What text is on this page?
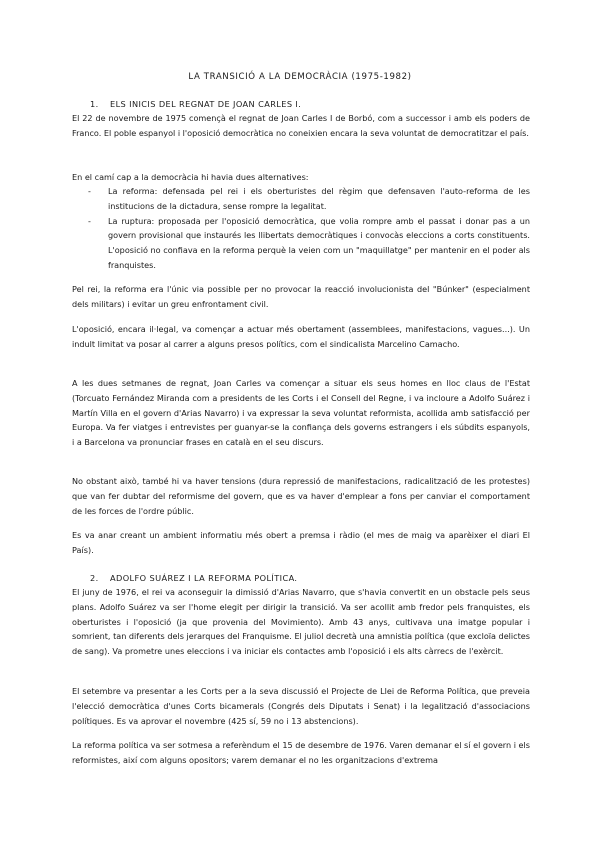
LA TRANSICIÓ A LA DEMOCRÀCIA (1975-1982)
1. ELS INICIS DEL REGNAT DE JOAN CARLES I.

El 22 de novembre de 1975 començà el regnat de Joan Carles I de Borbó, com a successor i amb els poders de Franco. El poble espanyol i l'oposició democràtica no coneixien encara la seva voluntat de democratitzar el país.

En el camí cap a la democràcia hi havia dues alternatives:

- La reforma: defensada pel rei i els oberturistes del règim que defensaven l'auto-reforma de les institucions de la dictadura, sense rompre la legalitat.
- La ruptura: proposada per l'oposició democràtica, que volia rompre amb el passat i donar pas a un govern provisional que instaurés les llibertats democràtiques i convocàs eleccions a corts constituents. L'oposició no confiava en la reforma perquè la veien com un "maquillatge" per mantenir en el poder als franquistes.

Pel rei, la reforma era l'únic via possible per no provocar la reacció involucionista del "Búnker" (especialment dels militars) i evitar un greu enfrontament civil.

L'oposició, encara il·legal, va començar a actuar més obertament (assemblees, manifestacions, vagues...). Un indult limitat va posar al carrer a alguns presos polítics, com el sindicalista Marcelino Camacho.

A les dues setmanes de regnat, Joan Carles va començar a situar els seus homes en lloc claus de l'Estat (Torcuato Fernández Miranda com a presidents de les Corts i el Consell del Regne, i va incloure a Adolfo Suárez i Martín Villa en el govern d'Arias Navarro) i va expressar la seva voluntat reformista, acollida amb satisfacció per Europa. Va fer viatges i entrevistes per guanyar-se la confiança dels governs estrangers i els súbdits espanyols, i a Barcelona va pronunciar frases en català en el seu discurs.

No obstant això, també hi va haver tensions (dura repressió de manifestacions, radicalització de les protestes) que van fer dubtar del reformisme del govern, que es va haver d'emplear a fons per canviar el comportament de les forces de l'ordre públic.

Es va anar creant un ambient informatiu més obert a premsa i ràdio (el mes de maig va aparèixer el diari El País).

2. ADOLFO SUÁREZ I LA REFORMA POLÍTICA.

El juny de 1976, el rei va aconseguir la dimissió d'Arias Navarro, que s'havia convertit en un obstacle pels seus plans. Adolfo Suárez va ser l'home elegit per dirigir la transició. Va ser acollit amb fredor pels franquistes, els oberturistes i l'oposició (ja que provenia del Movimiento). Amb 43 anys, cultivava una imatge popular i somrient, tan diferents dels jerarques del Franquisme. El juliol decretà una amnistia política (que excloïa delictes de sang). Va prometre unes eleccions i va iniciar els contactes amb l'oposició i els alts càrrecs de l'exèrcit.

El setembre va presentar a les Corts per a la seva discussió el Projecte de Llei de Reforma Política, que preveia l'elecció democràtica d'unes Corts bicamerals (Congrés dels Diputats i Senat) i la legalització d'associacions polítiques. Es va aprovar el novembre (425 sí, 59 no i 13 abstencions).

La reforma política va ser sotmesa a referèndum el 15 de desembre de 1976. Varen demanar el sí el govern i els reformistes, així com alguns opositors; varem demanar el no les organitzacions d'extrema
